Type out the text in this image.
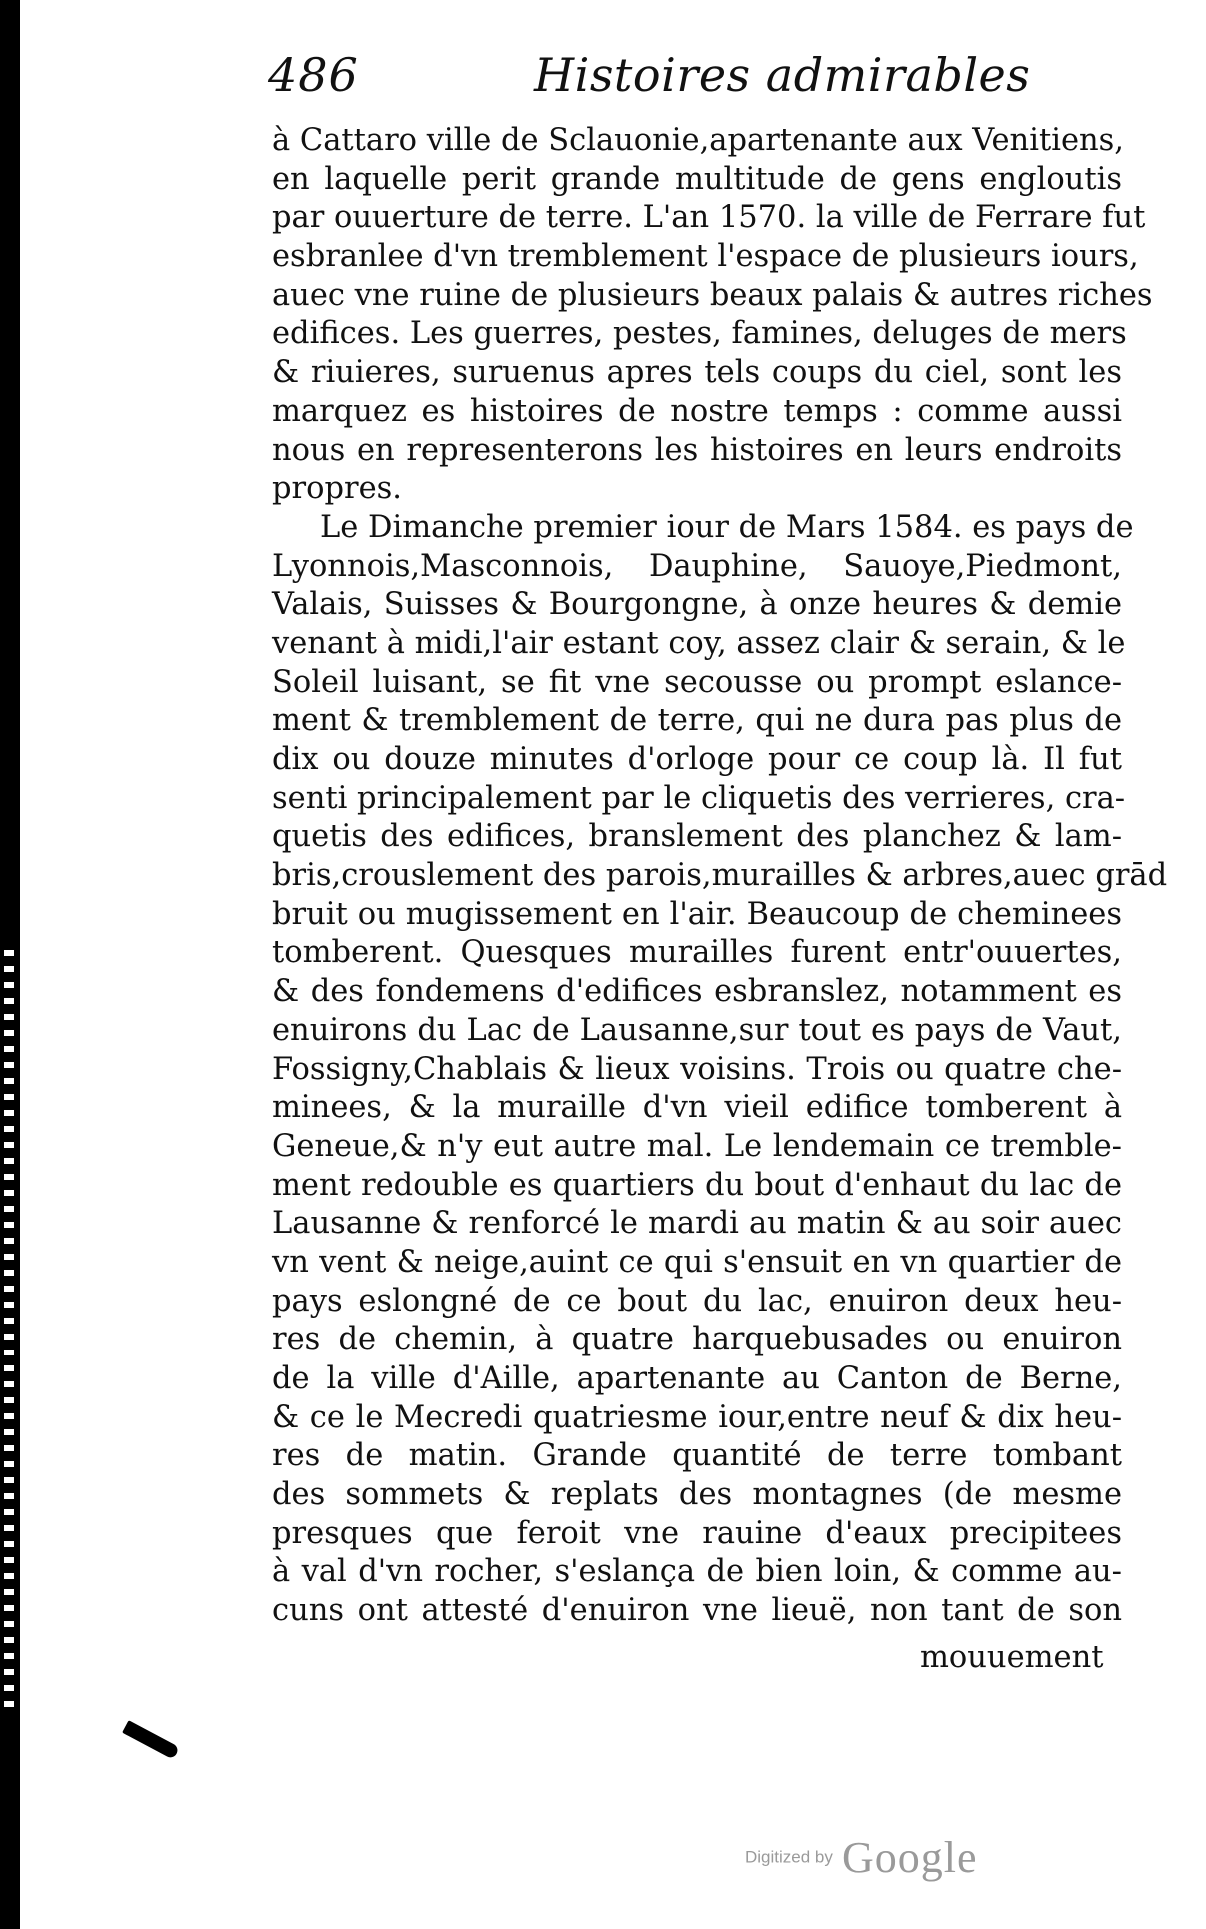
486	Histoires admirables
à Cattaro ville de Sclauonie,apartenante aux Venitiens,
en laquelle perit grande multitude de gens engloutis
par ouuerture de terre. L'an 1570. la ville de Ferrare fut
esbranlee d'vn tremblement l'espace de plusieurs iours,
auec vne ruine de plusieurs beaux palais & autres riches
edifices. Les guerres, pestes, famines, deluges de mers
& riuieres, suruenus apres tels coups du ciel, sont les
marquez es histoires de nostre temps : comme aussi
nous en representerons les histoires en leurs endroits
propres.
Le Dimanche premier iour de Mars 1584. es pays de
Lyonnois,Masconnois, Dauphine, Sauoye,Piedmont,
Valais, Suisses & Bourgongne, à onze heures & demie
venant à midi,l'air estant coy, assez clair & serain, & le
Soleil luisant, se fit vne secousse ou prompt eslance-
ment & tremblement de terre, qui ne dura pas plus de
dix ou douze minutes d'orloge pour ce coup là. Il fut
senti principalement par le cliquetis des verrieres, cra-
quetis des edifices, branslement des planchez & lam-
bris,crouslement des parois,murailles & arbres,auec grād
bruit ou mugissement en l'air. Beaucoup de cheminees
tomberent. Quesques murailles furent entr'ouuertes,
& des fondemens d'edifices esbranslez, notamment es
enuirons du Lac de Lausanne,sur tout es pays de Vaut,
Fossigny,Chablais & lieux voisins. Trois ou quatre che-
minees, & la muraille d'vn vieil edifice tomberent à
Geneue,& n'y eut autre mal. Le lendemain ce tremble-
ment redouble es quartiers du bout d'enhaut du lac de
Lausanne & renforcé le mardi au matin & au soir auec
vn vent & neige,auint ce qui s'ensuit en vn quartier de
pays eslongné de ce bout du lac, enuiron deux heu-
res de chemin, à quatre harquebusades ou enuiron
de la ville d'Aille, apartenante au Canton de Berne,
& ce le Mecredi quatriesme iour,entre neuf & dix heu-
res de matin. Grande quantité de terre tombant
des sommets & replats des montagnes (de mesme
presques que feroit vne rauine d'eaux precipitees
à val d'vn rocher, s'eslança de bien loin, & comme au-
cuns ont attesté d'enuiron vne lieuë, non tant de son
mouuement
Digitized by Google
